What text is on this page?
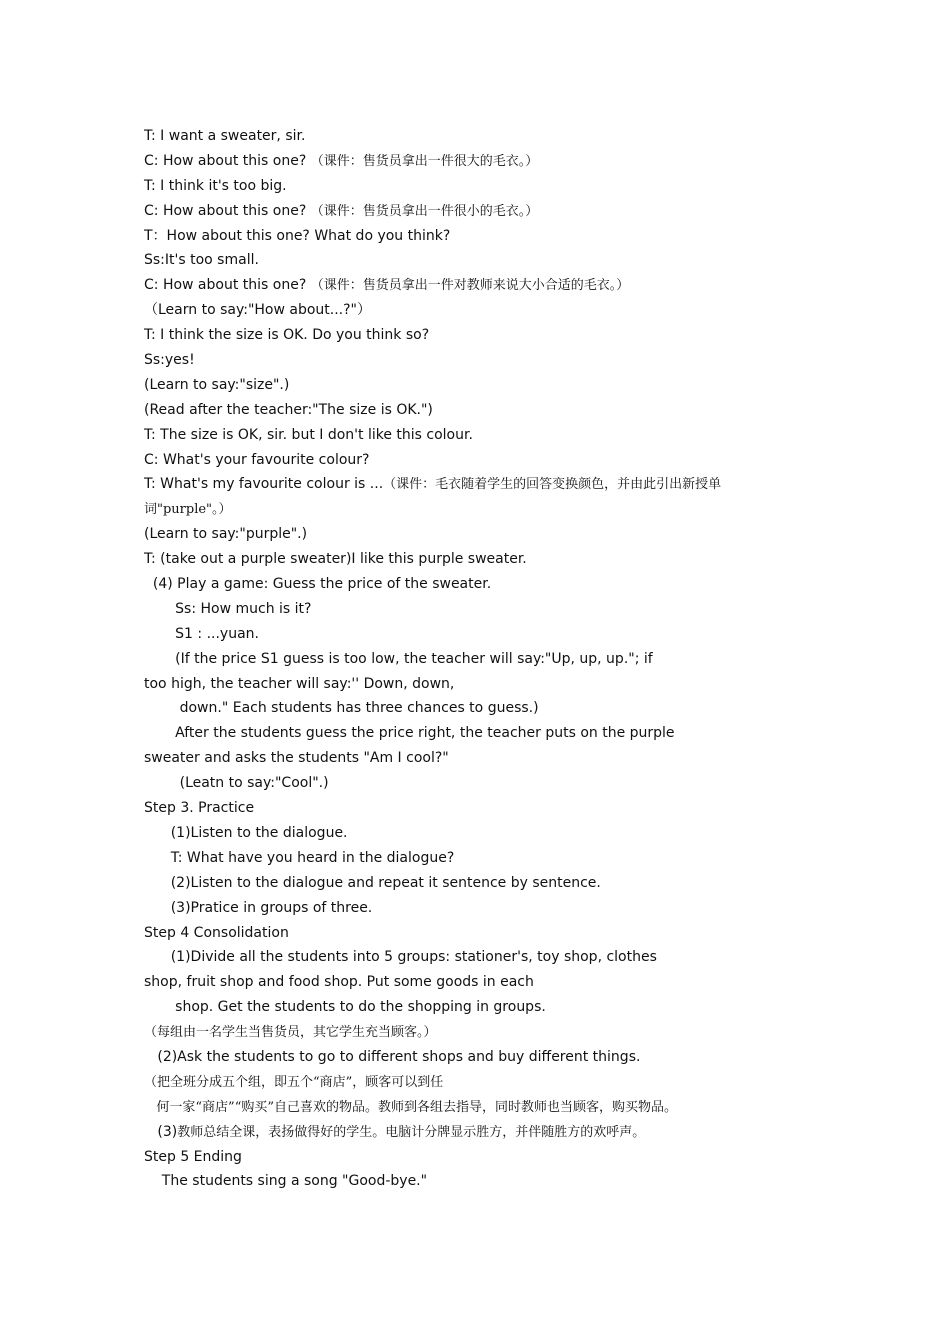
T: I want a sweater, sir.
C: How about this one? （课件：售货员拿出一件很大的毛衣。）
T: I think it's too big.
C: How about this one? （课件：售货员拿出一件很小的毛衣。）
T：How about this one? What do you think?
Ss:It's too small.
C: How about this one? （课件：售货员拿出一件对教师来说大小合适的毛衣。）
（Learn to say:"How about...?"）
T: I think the size is OK. Do you think so?
Ss:yes!
(Learn to say:"size".)
(Read after the teacher:"The size is OK.")
T: The size is OK, sir. but I don't like this colour.
C: What's your favourite colour?
T: What's my favourite colour is ...（课件：毛衣随着学生的回答变换颜色，并由此引出新授单
词"purple"。）
(Learn to say:"purple".)
T: (take out a purple sweater)I like this purple sweater.
(4) Play a game: Guess the price of the sweater.
Ss: How much is it?
S1 : ...yuan.
(If the price S1 guess is too low, the teacher will say:"Up, up, up."; if
too high, the teacher will say:'' Down, down,
down." Each students has three chances to guess.)
After the students guess the price right, the teacher puts on the purple
sweater and asks the students "Am I cool?"
(Leatn to say:"Cool".)
Step 3. Practice
(1)Listen to the dialogue.
T: What have you heard in the dialogue?
(2)Listen to the dialogue and repeat it sentence by sentence.
(3)Pratice in groups of three.
Step 4 Consolidation
(1)Divide all the students into 5 groups: stationer's, toy shop, clothes
shop, fruit shop and food shop. Put some goods in each
shop. Get the students to do the shopping in groups.
（每组由一名学生当售货员，其它学生充当顾客。）
(2)Ask the students to go to different shops and buy different things.
（把全班分成五个组，即五个“商店”，顾客可以到任
何一家“商店”“购买”自己喜欢的物品。教师到各组去指导，同时教师也当顾客，购买物品。
(3)教师总结全课，表扬做得好的学生。电脑计分牌显示胜方，并伴随胜方的欢呼声。
Step 5 Ending
The students sing a song "Good-bye."
